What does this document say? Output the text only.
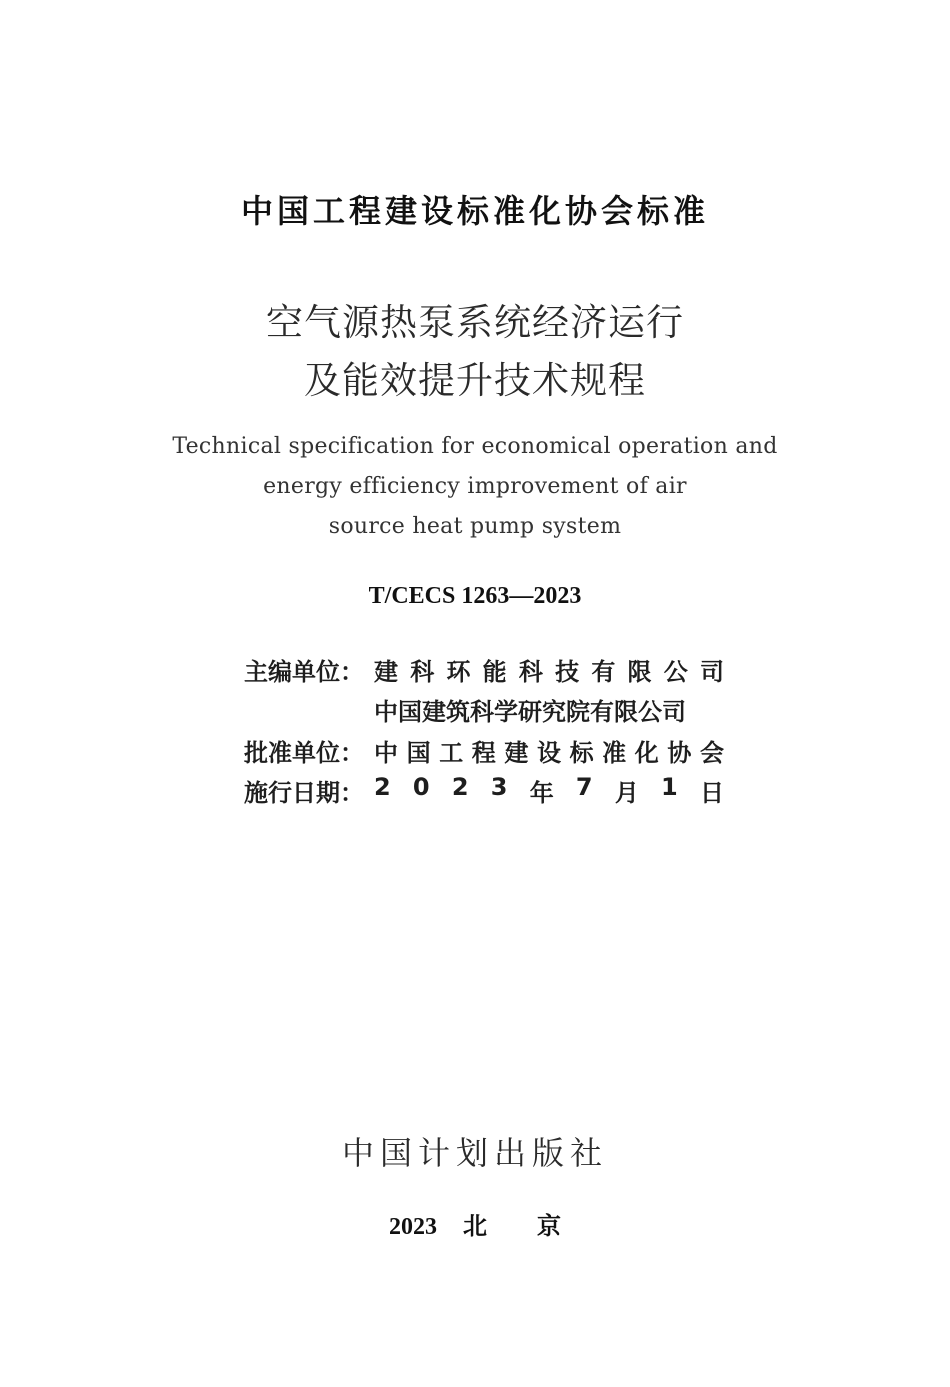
中国工程建设标准化协会标准
空气源热泵系统经济运行
及能效提升技术规程
Technical specification for economical operation and
energy efficiency improvement of air
source heat pump system
T/CECS 1263—2023
主编单位： 建 科 环 能 科 技 有 限 公 司
中国建筑科学研究院有限公司
批准单位： 中 国 工 程 建 设 标 准 化 协 会
施行日期： 2 0 2 3 年 7 月 1 日
中国计划出版社
2023 北 京
